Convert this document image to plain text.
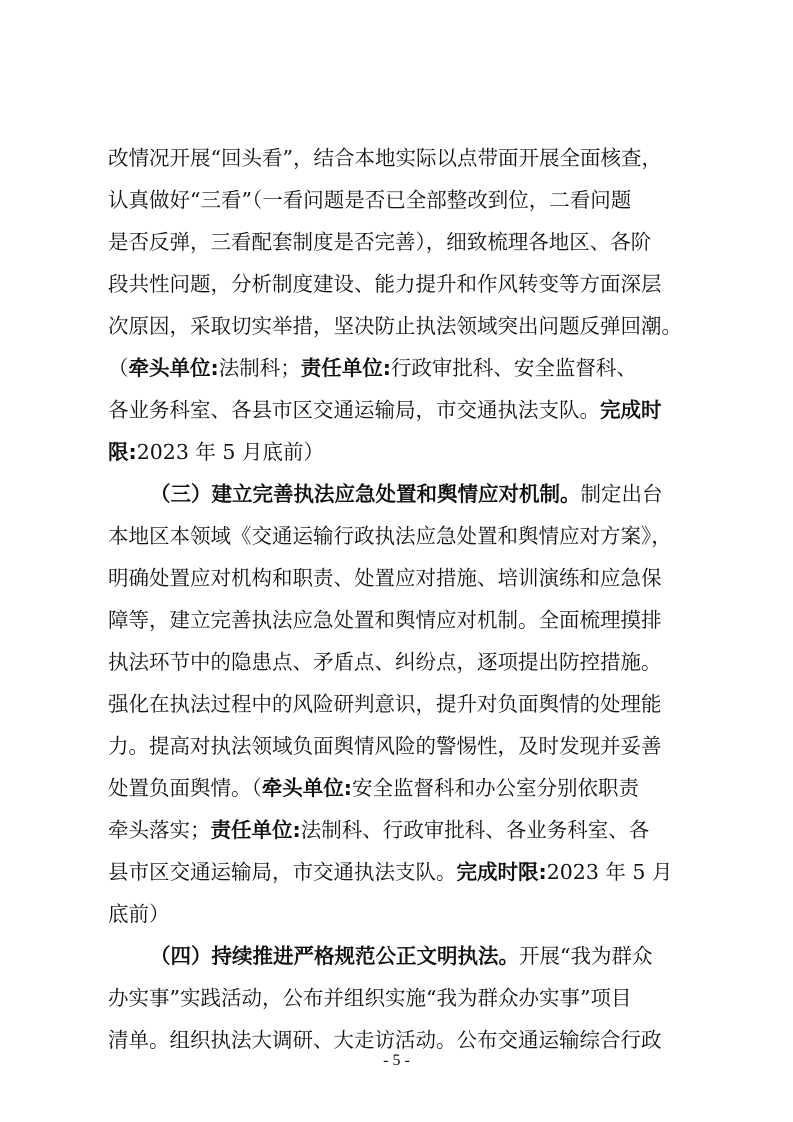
改情况开展“回头看”，结合本地实际以点带面开展全面核查，
认真做好“三看”（一看问题是否已全部整改到位，二看问题
是否反弹，三看配套制度是否完善），细致梳理各地区、各阶
段共性问题，分析制度建设、能力提升和作风转变等方面深层
次原因，采取切实举措，坚决防止执法领域突出问题反弹回潮。
（牵头单位:法制科；责任单位:行政审批科、安全监督科、
各业务科室、各县市区交通运输局，市交通执法支队。完成时
限:2023 年 5 月底前）
（三）建立完善执法应急处置和舆情应对机制。制定出台
本地区本领域《交通运输行政执法应急处置和舆情应对方案》，
明确处置应对机构和职责、处置应对措施、培训演练和应急保
障等，建立完善执法应急处置和舆情应对机制。全面梳理摸排
执法环节中的隐患点、矛盾点、纠纷点，逐项提出防控措施。
强化在执法过程中的风险研判意识，提升对负面舆情的处理能
力。提高对执法领域负面舆情风险的警惕性，及时发现并妥善
处置负面舆情。（牵头单位:安全监督科和办公室分别依职责
牵头落实；责任单位:法制科、行政审批科、各业务科室、各
县市区交通运输局，市交通执法支队。完成时限:2023 年 5 月
底前）
（四）持续推进严格规范公正文明执法。开展“我为群众
办实事”实践活动，公布并组织实施“我为群众办实事”项目
清单。组织执法大调研、大走访活动。公布交通运输综合行政
- 5 -
